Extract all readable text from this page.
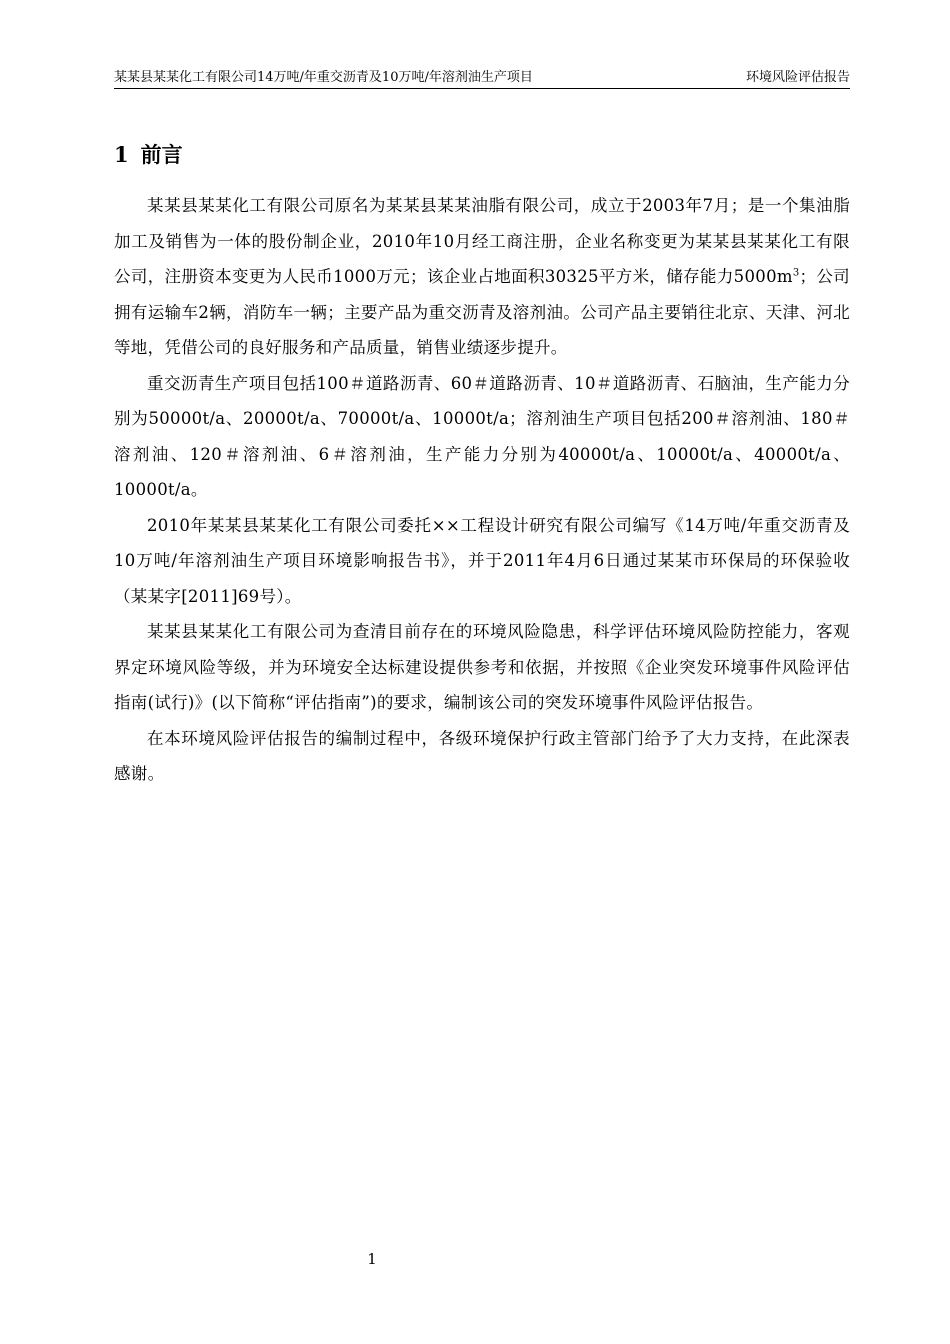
某某县某某化工有限公司14万吨/年重交沥青及10万吨/年溶剂油生产项目	环境风险评估报告
1 前言

某某县某某化工有限公司原名为某某县某某油脂有限公司，成立于2003年7月；是一个集油脂加工及销售为一体的股份制企业，2010年10月经工商注册，企业名称变更为某某县某某化工有限公司，注册资本变更为人民币1000万元；该企业占地面积30325平方米，储存能力$5000m^3$；公司拥有运输车2辆，消防车一辆；主要产品为重交沥青及溶剂油。公司产品主要销往北京、天津、河北等地，凭借公司的良好服务和产品质量，销售业绩逐步提升。

重交沥青生产项目包括100＃道路沥青、60＃道路沥青、10＃道路沥青、石脑油，生产能力分别为50000t/a、20000t/a、70000t/a、10000t/a；溶剂油生产项目包括200＃溶剂油、180＃溶剂油、120＃溶剂油、6＃溶剂油，生产能力分别为40000t/a、10000t/a、40000t/a、10000t/a。

2010年某某县某某化工有限公司委托××工程设计研究有限公司编写《14万吨/年重交沥青及10万吨/年溶剂油生产项目环境影响报告书》，并于2011年4月6日通过某某市环保局的环保验收（某某字[2011]69号）。

某某县某某化工有限公司为查清目前存在的环境风险隐患，科学评估环境风险防控能力，客观界定环境风险等级，并为环境安全达标建设提供参考和依据，并按照《企业突发环境事件风险评估指南(试行)》(以下简称“评估指南”)的要求，编制该公司的突发环境事件风险评估报告。

在本环境风险评估报告的编制过程中，各级环境保护行政主管部门给予了大力支持，在此深表感谢。

1
